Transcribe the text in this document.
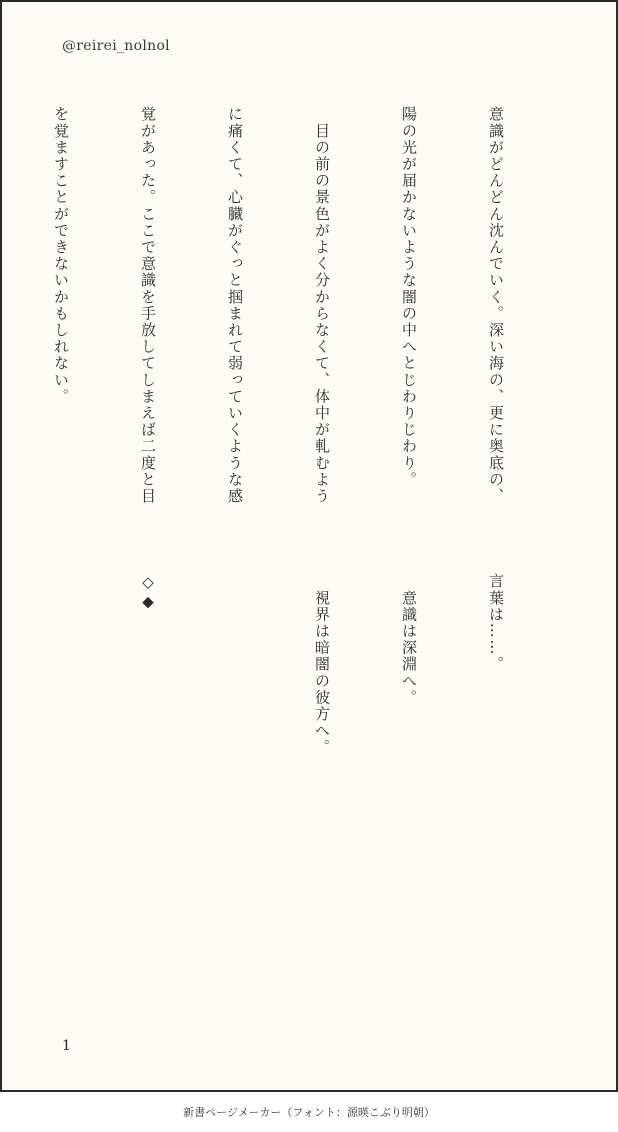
@reirei_nolnol

意識がどんどん沈んでいく。深い海の、更に奥底の、

陽の光が届かないような闇の中へとじわりじわり。

　目の前の景色がよく分からなくて、体中が軋むよう

に痛くて、心臓がぐっと掴まれて弱っていくような感

覚があった。ここで意識を手放してしまえば二度と目

を覚ますことができないかもしれない。

言葉は……。

　意識は深淵へ。

　視界は暗闇の彼方へ。

◇◆

1
新書ページメーカー（フォント：源暎こぶり明朝）
